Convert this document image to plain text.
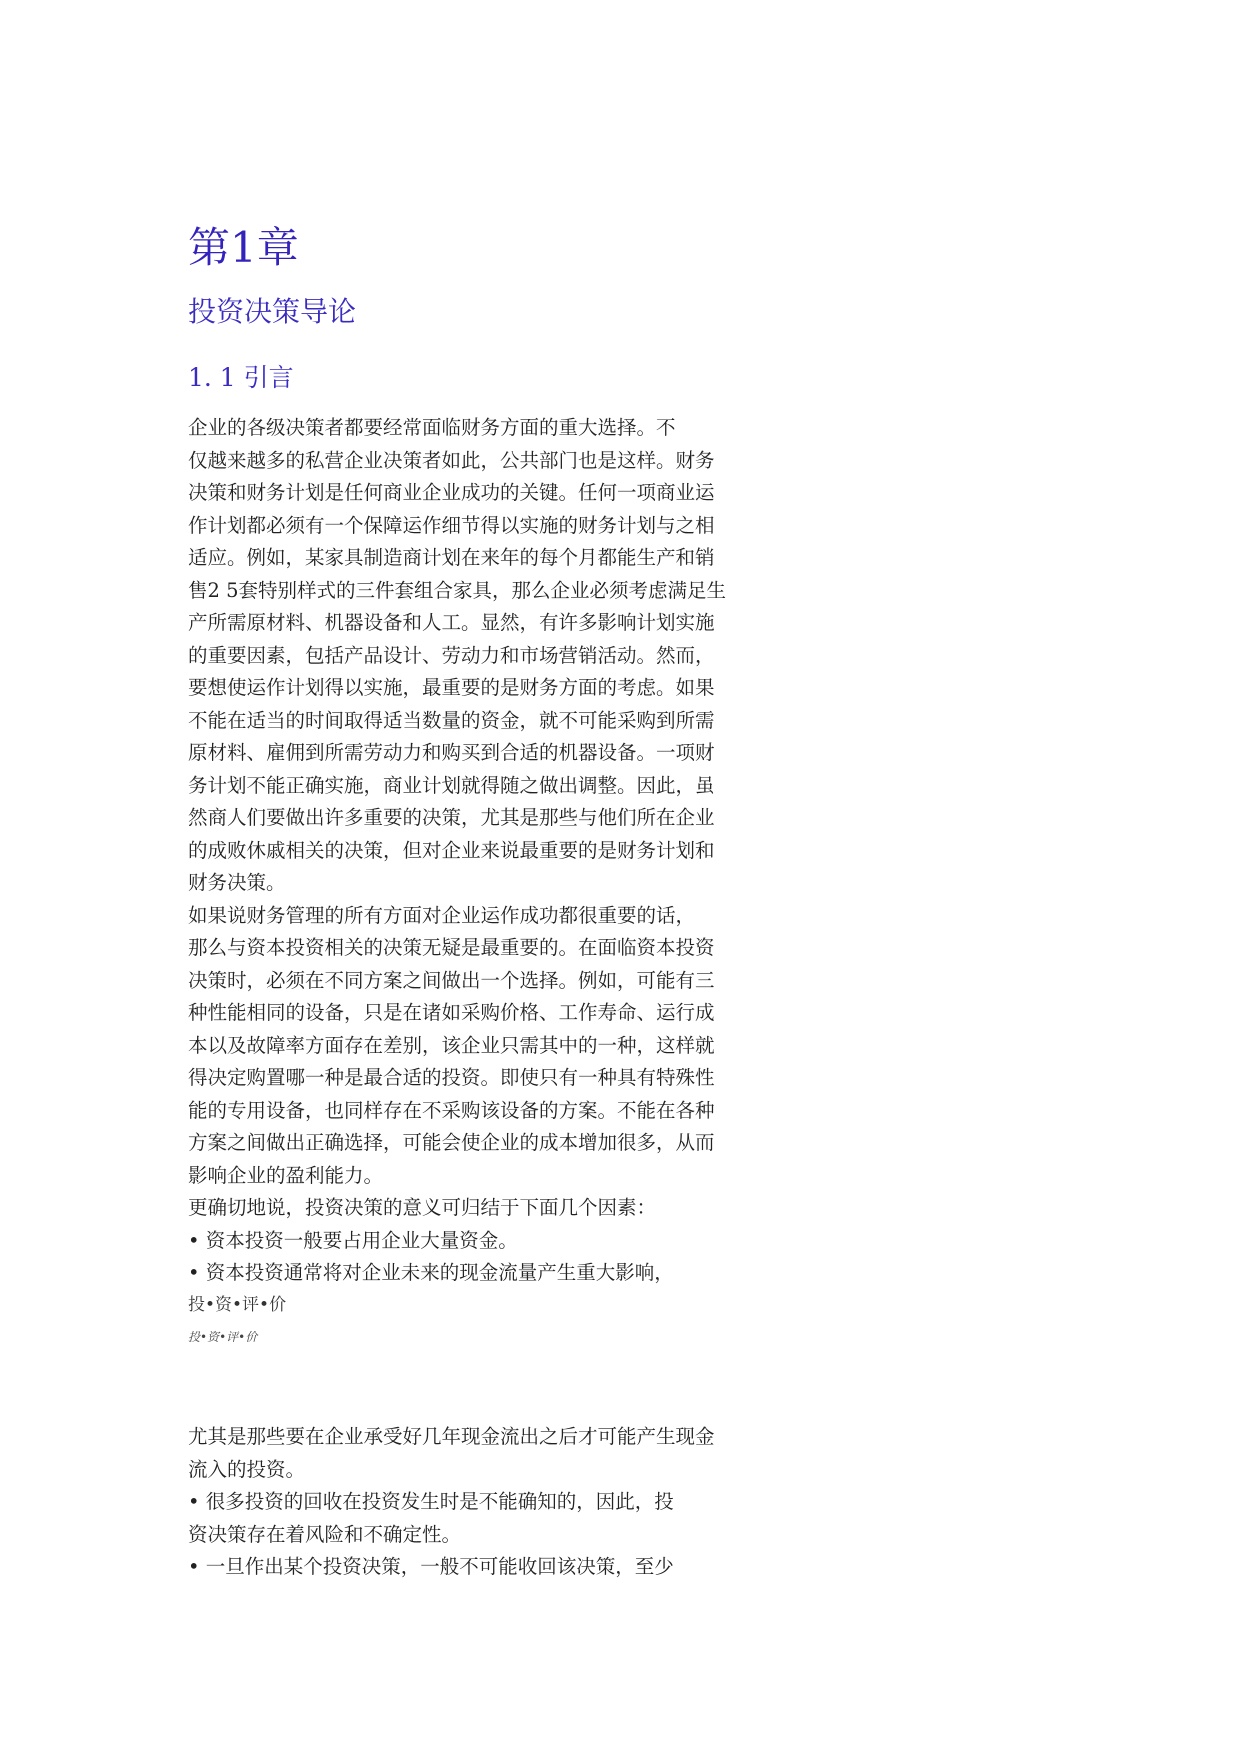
第1章
投资决策导论
1. 1 引言
企业的各级决策者都要经常面临财务方面的重大选择。不
仅越来越多的私营企业决策者如此，公共部门也是这样。财务
决策和财务计划是任何商业企业成功的关键。任何一项商业运
作计划都必须有一个保障运作细节得以实施的财务计划与之相
适应。例如，某家具制造商计划在来年的每个月都能生产和销
售2 5套特别样式的三件套组合家具，那么企业必须考虑满足生
产所需原材料、机器设备和人工。显然，有许多影响计划实施
的重要因素，包括产品设计、劳动力和市场营销活动。然而，
要想使运作计划得以实施，最重要的是财务方面的考虑。如果
不能在适当的时间取得适当数量的资金，就不可能采购到所需
原材料、雇佣到所需劳动力和购买到合适的机器设备。一项财
务计划不能正确实施，商业计划就得随之做出调整。因此，虽
然商人们要做出许多重要的决策，尤其是那些与他们所在企业
的成败休戚相关的决策，但对企业来说最重要的是财务计划和
财务决策。
如果说财务管理的所有方面对企业运作成功都很重要的话，
那么与资本投资相关的决策无疑是最重要的。在面临资本投资
决策时，必须在不同方案之间做出一个选择。例如，可能有三
种性能相同的设备，只是在诸如采购价格、工作寿命、运行成
本以及故障率方面存在差别，该企业只需其中的一种，这样就
得决定购置哪一种是最合适的投资。即使只有一种具有特殊性
能的专用设备，也同样存在不采购该设备的方案。不能在各种
方案之间做出正确选择，可能会使企业的成本增加很多，从而
影响企业的盈利能力。
更确切地说，投资决策的意义可归结于下面几个因素：
• 资本投资一般要占用企业大量资金。
• 资本投资通常将对企业未来的现金流量产生重大影响，
投•资•评•价
投•资•评•价
尤其是那些要在企业承受好几年现金流出之后才可能产生现金
流入的投资。
• 很多投资的回收在投资发生时是不能确知的，因此，投
资决策存在着风险和不确定性。
• 一旦作出某个投资决策，一般不可能收回该决策，至少
